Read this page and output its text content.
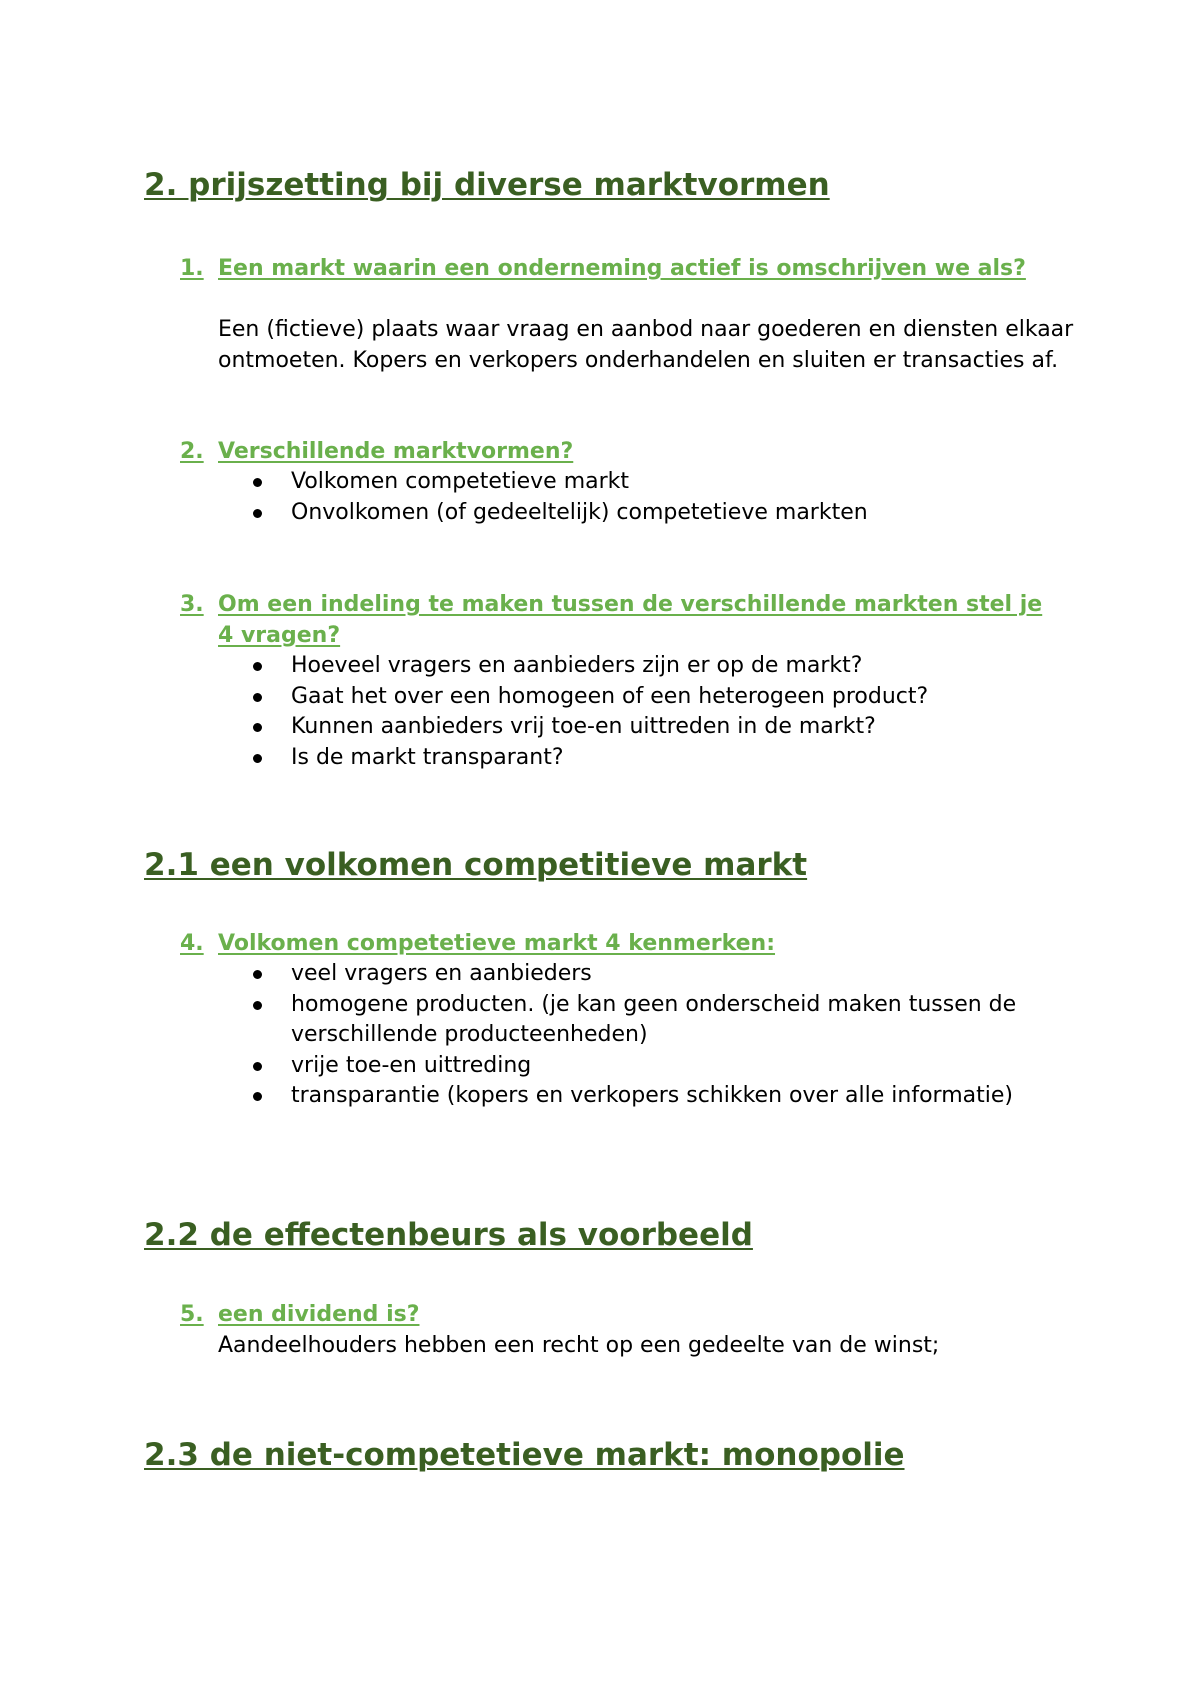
2. prijszetting bij diverse marktvormen
1. Een markt waarin een onderneming actief is omschrijven we als?

Een (fictieve) plaats waar vraag en aanbod naar goederen en diensten elkaar ontmoeten. Kopers en verkopers onderhandelen en sluiten er transacties af.

2. Verschillende marktvormen?
Volkomen competetieve markt
Onvolkomen (of gedeeltelijk) competetieve markten
3. Om een indeling te maken tussen de verschillende markten stel je 4 vragen?
Hoeveel vragers en aanbieders zijn er op de markt?
Gaat het over een homogeen of een heterogeen product?
Kunnen aanbieders vrij toe-en uittreden in de markt?
Is de markt transparant?
2.1 een volkomen competitieve markt
4. Volkomen competetieve markt 4 kenmerken:
veel vragers en aanbieders
homogene producten. (je kan geen onderscheid maken tussen de verschillende producteenheden)
vrije toe-en uittreding
transparantie (kopers en verkopers schikken over alle informatie)
2.2 de effectenbeurs als voorbeeld
5. een dividend is?

Aandeelhouders hebben een recht op een gedeelte van de winst;

2.3 de niet-competetieve markt: monopolie
